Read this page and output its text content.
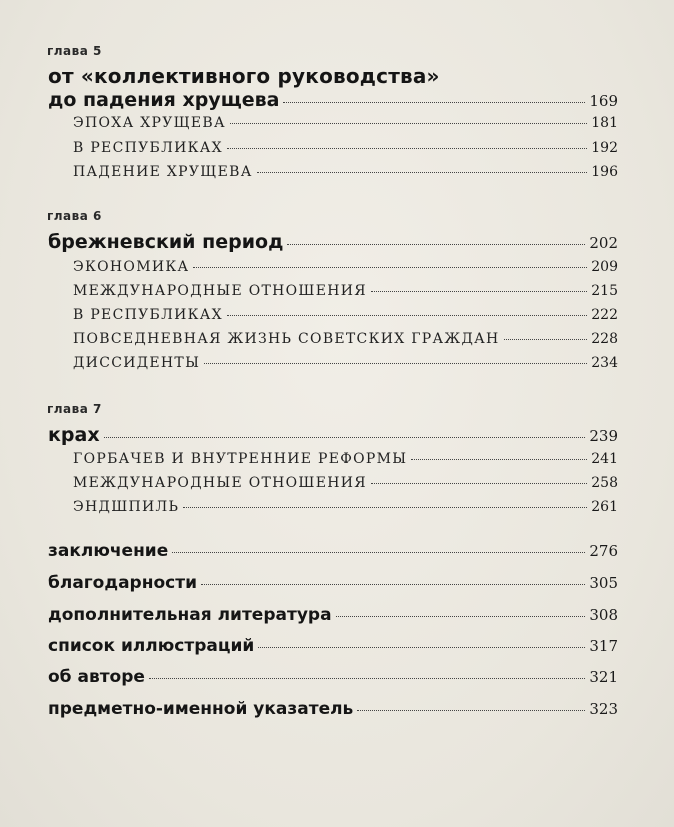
глава 5
от «коллективного руководства»
до падения хрущева	169
ЭПОХА ХРУЩЕВА	181
В РЕСПУБЛИКАХ	192
ПАДЕНИЕ ХРУЩЕВА	196
глава 6
брежневский период	202
ЭКОНОМИКА	209
МЕЖДУНАРОДНЫЕ ОТНОШЕНИЯ	215
В РЕСПУБЛИКАХ	222
ПОВСЕДНЕВНАЯ ЖИЗНЬ СОВЕТСКИХ ГРАЖДАН	228
ДИССИДЕНТЫ	234
глава 7
крах	239
ГОРБАЧЕВ И ВНУТРЕННИЕ РЕФОРМЫ	241
МЕЖДУНАРОДНЫЕ ОТНОШЕНИЯ	258
ЭНДШПИЛЬ	261
заключение	276
благодарности	305
дополнительная литература	308
список иллюстраций	317
об авторе	321
предметно-именной указатель	323
